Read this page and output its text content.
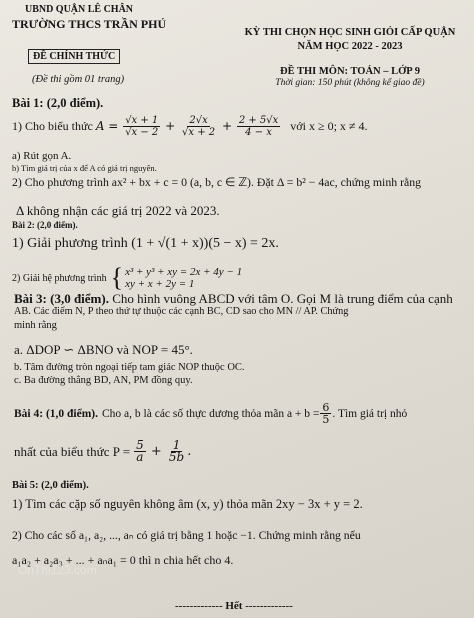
UBND QUẬN LÊ CHÂN
TRƯỜNG THCS TRẦN PHÚ
ĐỀ CHÍNH THỨC
(Đề thi gồm 01 trang)
KỲ THI CHỌN HỌC SINH GIỎI CẤP QUẬN
NĂM HỌC 2022 - 2023
ĐỀ THI MÔN: TOÁN – LỚP 9
Thời gian: 150 phút (không kể giao đề)
Bài 1: (2,0 điểm).
1) Cho biểu thức $A = \frac{√x + 1}{√x - 2} + \frac{2√x}{√x + 2} + \frac{2 + 5√x}{4 - x}$ với x ≥ 0; x ≠ 4.
a) Rút gọn A.
b) Tìm giá trị của x để A có giá trị nguyên.
2) Cho phương trình ax² + bx + c = 0 (a, b, c ∈ ℤ). Đặt Δ = b² − 4ac, chứng minh rằng
Δ không nhận các giá trị 2022 và 2023.
Bài 2: (2,0 điểm).
1) Giải phương trình (1 + √(1 + x))(5 − x) = 2x.
2) Giải hệ phương trình { x³ + y³ + xy = 2x + 4y − 1
xy + x + 2y = 1
Bài 3: (3,0 điểm). Cho hình vuông ABCD với tâm O. Gọi M là trung điểm của cạnh
AB. Các điểm N, P theo thứ tự thuộc các cạnh BC, CD sao cho MN // AP. Chứng
minh rằng
a. ΔDOP ∽ ΔBNO và NOP = 45°.
b. Tâm đường tròn ngoại tiếp tam giác NOP thuộc OC.
c. Ba đường thẳng BD, AN, PM đồng quy.
Bài 4: (1,0 điểm). Cho a, b là các số thực dương thỏa mãn $a + b = \frac{6}{5}$ . Tìm giá trị nhỏ
nhất của biểu thức $P = \frac{5}{a} + \frac{1}{5b}$ .
Bài 5: (2,0 điểm).
1) Tìm các cặp số nguyên không âm (x, y) thỏa mãn 2xy − 3x + y = 2.
2) Cho các số a₁, a₂, ..., aₙ có giá trị bằng 1 hoặc −1. Chứng minh rằng nếu
a₁a₂ + a₂a₃ + ... + aₙa₁ = 0 thì n chia hết cho 4.
OnThi123.com
------------- Hết -------------
